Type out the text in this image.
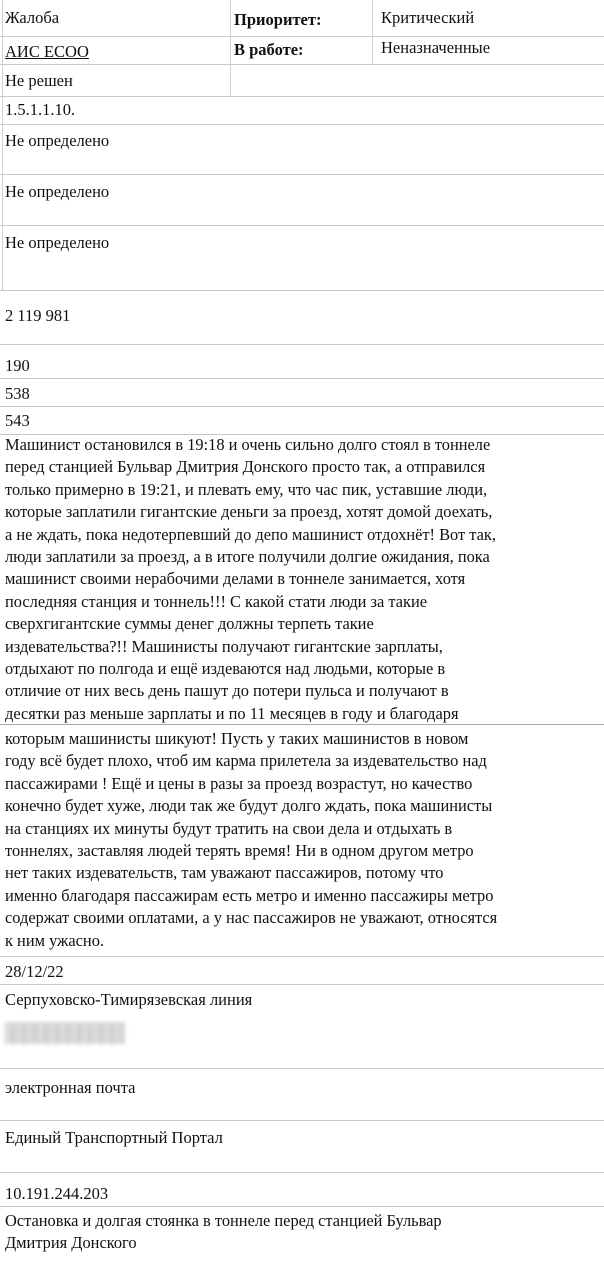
Жалоба	Приоритет:	Критический
АИС ЕСОО	В работе:	Неназначенные
Не решен
1.5.1.1.10.
Не определено
Не определено
Не определено
2 119 981
190
538
543
Машинист остановился в 19:18 и очень сильно долго стоял в тоннеле
перед станцией Бульвар Дмитрия Донского просто так, а отправился
только примерно в 19:21, и плевать ему, что час пик, уставшие люди,
которые заплатили гигантские деньги за проезд, хотят домой доехать,
а не ждать, пока недотерпевший до депо машинист отдохнёт! Вот так,
люди заплатили за проезд, а в итоге получили долгие ожидания, пока
машинист своими нерабочими делами в тоннеле занимается, хотя
последняя станция и тоннель!!! С какой стати люди за такие
сверхгигантские суммы денег должны терпеть такие
издевательства?!! Машинисты получают гигантские зарплаты,
отдыхают по полгода и ещё издеваются над людьми, которые в
отличие от них весь день пашут до потери пульса и получают в
десятки раз меньше зарплаты и по 11 месяцев в году и благодаря
которым машинисты шикуют! Пусть у таких машинистов в новом
году всё будет плохо, чтоб им карма прилетела за издевательство над
пассажирами ! Ещё и цены в разы за проезд возрастут, но качество
конечно будет хуже, люди так же будут долго ждать, пока машинисты
на станциях их минуты будут тратить на свои дела и отдыхать в
тоннелях, заставляя людей терять время! Ни в одном другом метро
нет таких издевательств, там уважают пассажиров, потому что
именно благодаря пассажирам есть метро и именно пассажиры метро
содержат своими оплатами, а у нас пассажиров не уважают, относятся
к ним ужасно.
28/12/22
Серпуховско-Тимирязевская линия
электронная почта
Единый Транспортный Портал
10.191.244.203
Остановка и долгая стоянка в тоннеле перед станцией Бульвар
Дмитрия Донского
